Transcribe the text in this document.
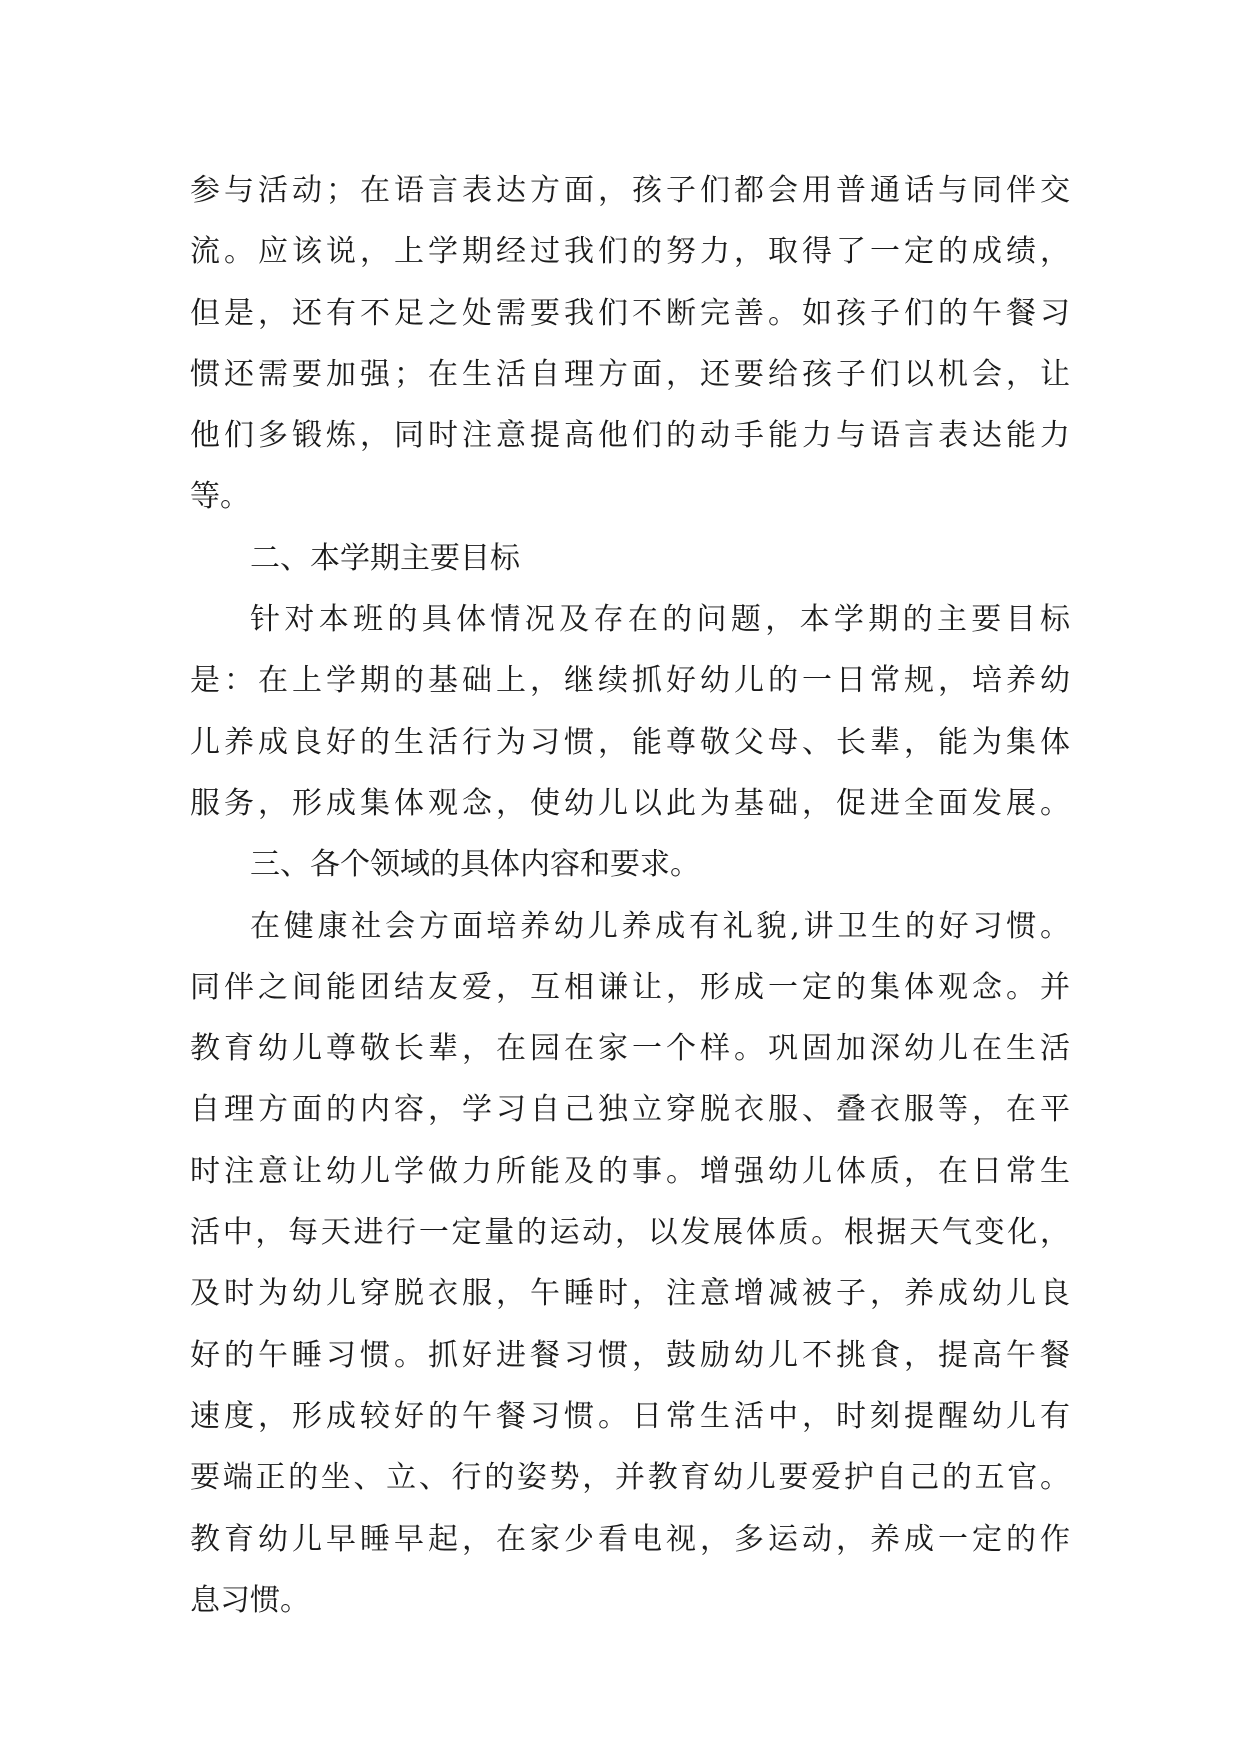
参与活动；在语言表达方面，孩子们都会用普通话与同伴交
流。应该说，上学期经过我们的努力，取得了一定的成绩，
但是，还有不足之处需要我们不断完善。如孩子们的午餐习
惯还需要加强；在生活自理方面，还要给孩子们以机会，让
他们多锻炼，同时注意提高他们的动手能力与语言表达能力
等。
二、本学期主要目标
针对本班的具体情况及存在的问题，本学期的主要目标
是：在上学期的基础上，继续抓好幼儿的一日常规，培养幼
儿养成良好的生活行为习惯，能尊敬父母、长辈，能为集体
服务，形成集体观念，使幼儿以此为基础，促进全面发展。
三、各个领域的具体内容和要求。
在健康社会方面培养幼儿养成有礼貌,讲卫生的好习惯。
同伴之间能团结友爱，互相谦让，形成一定的集体观念。并
教育幼儿尊敬长辈，在园在家一个样。巩固加深幼儿在生活
自理方面的内容，学习自己独立穿脱衣服、叠衣服等，在平
时注意让幼儿学做力所能及的事。增强幼儿体质，在日常生
活中，每天进行一定量的运动，以发展体质。根据天气变化，
及时为幼儿穿脱衣服，午睡时，注意增减被子，养成幼儿良
好的午睡习惯。抓好进餐习惯，鼓励幼儿不挑食，提高午餐
速度，形成较好的午餐习惯。日常生活中，时刻提醒幼儿有
要端正的坐、立、行的姿势，并教育幼儿要爱护自己的五官。
教育幼儿早睡早起，在家少看电视，多运动，养成一定的作
息习惯。
